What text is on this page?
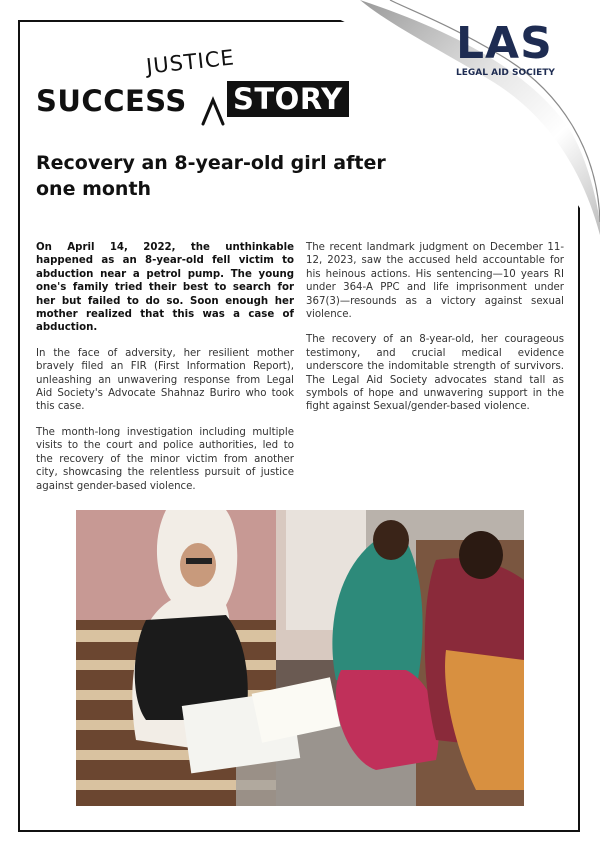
LAS
LEGAL AID SOCIETY
JUSTICE
SUCCESS STORY
Recovery an 8-year-old girl after one month

On April 14, 2022, the unthinkable happened as an 8-year-old fell victim to abduction near a petrol pump. The young one's family tried their best to search for her but failed to do so. Soon enough her mother realized that this was a case of abduction.

In the face of adversity, her resilient mother bravely filed an FIR (First Information Report), unleashing an unwavering response from Legal Aid Society's Advocate Shahnaz Buriro who took this case.

The month-long investigation including multiple visits to the court and police authorities, led to the recovery of the minor victim from another city, showcasing the relentless pursuit of justice against gender-based violence.

The recent landmark judgment on December 11-12, 2023, saw the accused held accountable for his heinous actions. His sentencing—10 years RI under 364-A PPC and life imprisonment under 367(3)—resounds as a victory against sexual violence.

The recovery of an 8-year-old, her courageous testimony, and crucial medical evidence underscore the indomitable strength of survivors. The Legal Aid Society advocates stand tall as symbols of hope and unwavering support in the fight against Sexual/gender-based violence.
